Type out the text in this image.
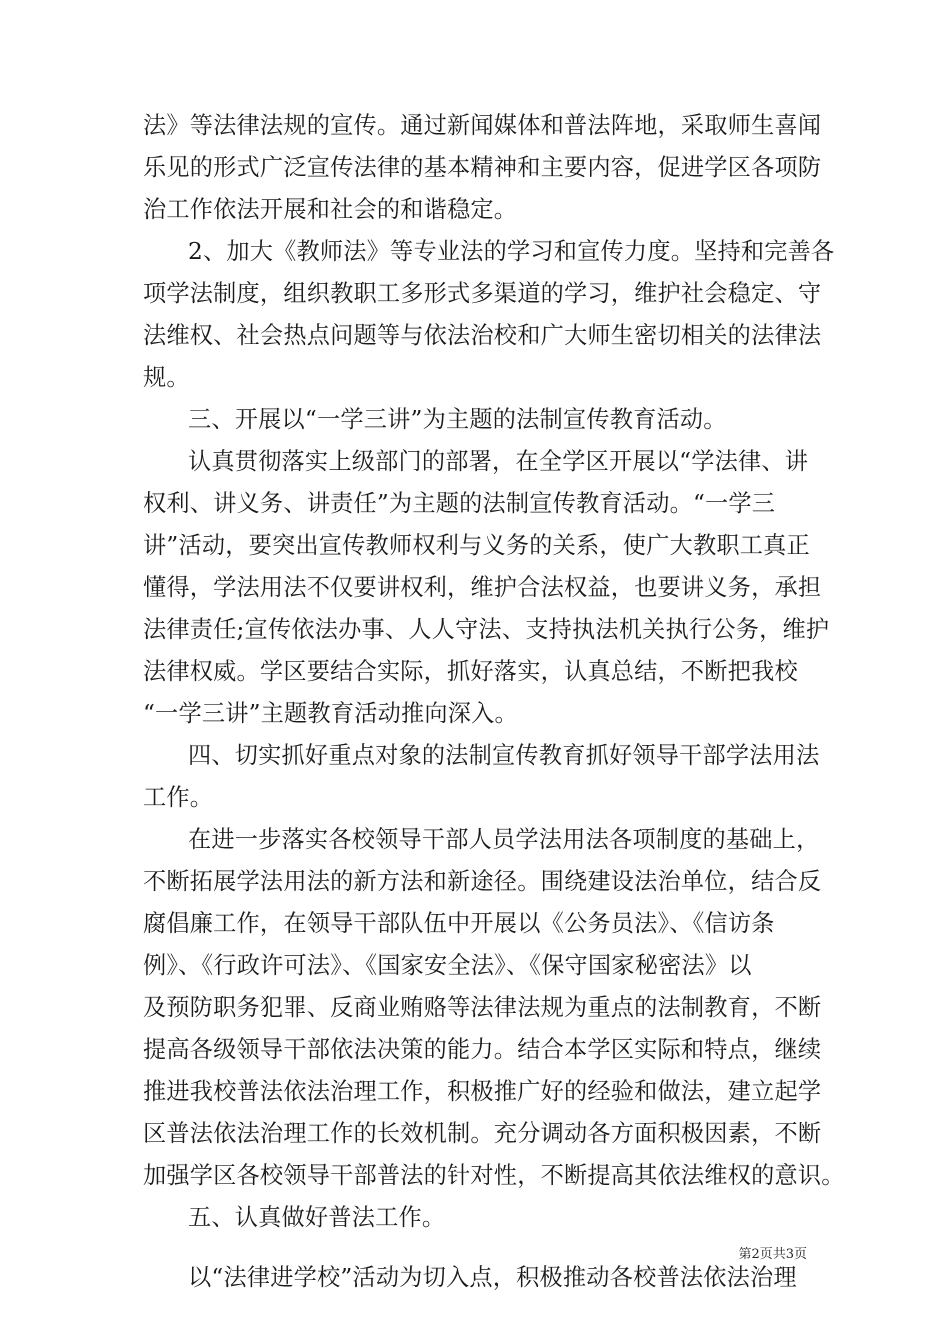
法》等法律法规的宣传。通过新闻媒体和普法阵地，采取师生喜闻
乐见的形式广泛宣传法律的基本精神和主要内容，促进学区各项防
治工作依法开展和社会的和谐稳定。
2、加大《教师法》等专业法的学习和宣传力度。坚持和完善各
项学法制度，组织教职工多形式多渠道的学习，维护社会稳定、守
法维权、社会热点问题等与依法治校和广大师生密切相关的法律法
规。
三、开展以“一学三讲”为主题的法制宣传教育活动。
认真贯彻落实上级部门的部署，在全学区开展以“学法律、讲
权利、讲义务、讲责任”为主题的法制宣传教育活动。“一学三
讲”活动，要突出宣传教师权利与义务的关系，使广大教职工真正
懂得，学法用法不仅要讲权利，维护合法权益，也要讲义务，承担
法律责任;宣传依法办事、人人守法、支持执法机关执行公务，维护
法律权威。学区要结合实际，抓好落实，认真总结，不断把我校
“一学三讲”主题教育活动推向深入。
四、切实抓好重点对象的法制宣传教育抓好领导干部学法用法
工作。
在进一步落实各校领导干部人员学法用法各项制度的基础上，
不断拓展学法用法的新方法和新途径。围绕建设法治单位，结合反
腐倡廉工作，在领导干部队伍中开展以《公务员法》、《信访条
例》、《行政许可法》、《国家安全法》、《保守国家秘密法》以
及预防职务犯罪、反商业贿赂等法律法规为重点的法制教育，不断
提高各级领导干部依法决策的能力。结合本学区实际和特点，继续
推进我校普法依法治理工作，积极推广好的经验和做法，建立起学
区普法依法治理工作的长效机制。充分调动各方面积极因素，不断
加强学区各校领导干部普法的针对性，不断提高其依法维权的意识。
五、认真做好普法工作。
以“法律进学校”活动为切入点，积极推动各校普法依法治理
第2页共3页
